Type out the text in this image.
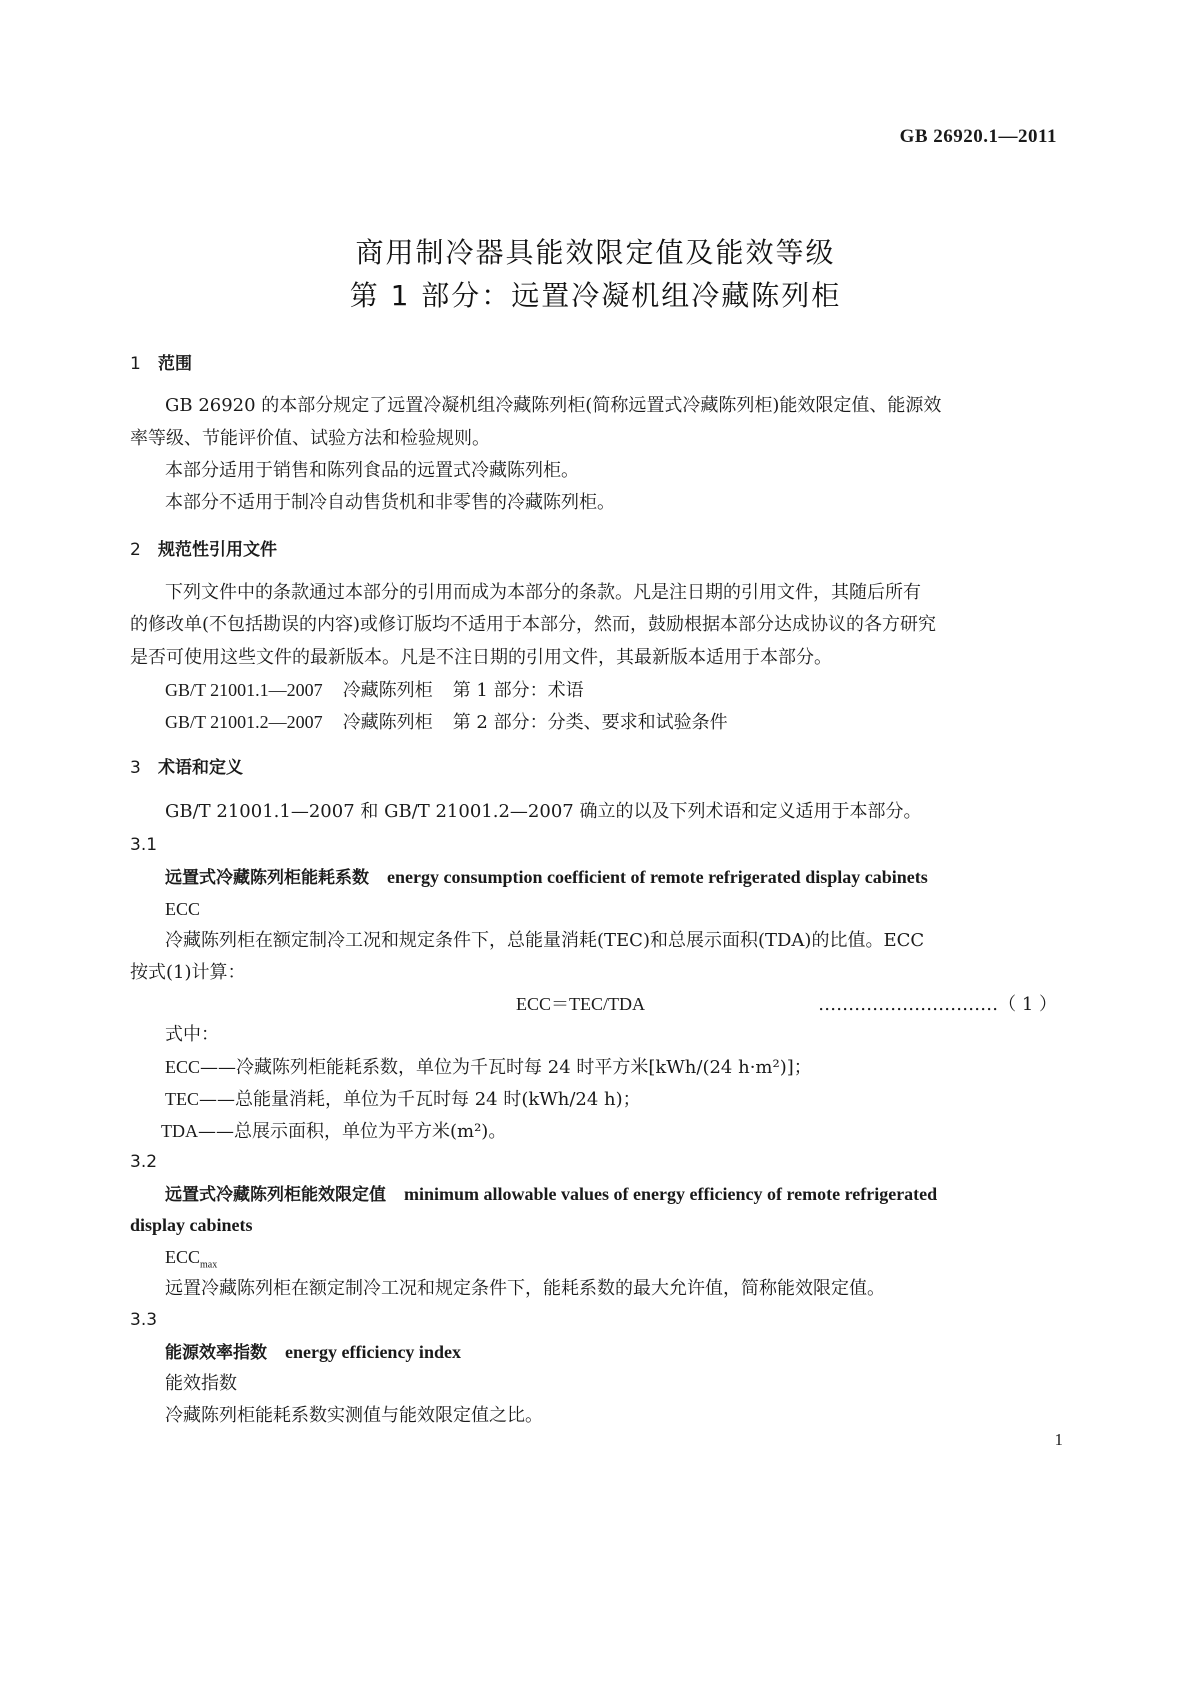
GB 26920.1—2011
商用制冷器具能效限定值及能效等级
第 1 部分：远置冷凝机组冷藏陈列柜
1 范围
GB 26920 的本部分规定了远置冷凝机组冷藏陈列柜(简称远置式冷藏陈列柜)能效限定值、能源效
率等级、节能评价值、试验方法和检验规则。
本部分适用于销售和陈列食品的远置式冷藏陈列柜。
本部分不适用于制冷自动售货机和非零售的冷藏陈列柜。
2 规范性引用文件
下列文件中的条款通过本部分的引用而成为本部分的条款。凡是注日期的引用文件，其随后所有
的修改单(不包括勘误的内容)或修订版均不适用于本部分，然而，鼓励根据本部分达成协议的各方研究
是否可使用这些文件的最新版本。凡是不注日期的引用文件，其最新版本适用于本部分。
GB/T 21001.1—2007 冷藏陈列柜 第 1 部分：术语
GB/T 21001.2—2007 冷藏陈列柜 第 2 部分：分类、要求和试验条件
3 术语和定义
GB/T 21001.1—2007 和 GB/T 21001.2—2007 确立的以及下列术语和定义适用于本部分。
3.1
远置式冷藏陈列柜能耗系数 energy consumption coefficient of remote refrigerated display cabinets
ECC
冷藏陈列柜在额定制冷工况和规定条件下，总能量消耗(TEC)和总展示面积(TDA)的比值。ECC
按式(1)计算：
ECC＝TEC/TDA	…………………………（ 1 ）
式中：
ECC——冷藏陈列柜能耗系数，单位为千瓦时每 24 时平方米[kWh/(24 h·m²)]；
TEC——总能量消耗，单位为千瓦时每 24 时(kWh/24 h)；
TDA——总展示面积，单位为平方米(m²)。
3.2
远置式冷藏陈列柜能效限定值 minimum allowable values of energy efficiency of remote refrigerated
display cabinets
$ECC_{max}$
远置冷藏陈列柜在额定制冷工况和规定条件下，能耗系数的最大允许值，简称能效限定值。
3.3
能源效率指数 energy efficiency index
能效指数
冷藏陈列柜能耗系数实测值与能效限定值之比。
1
